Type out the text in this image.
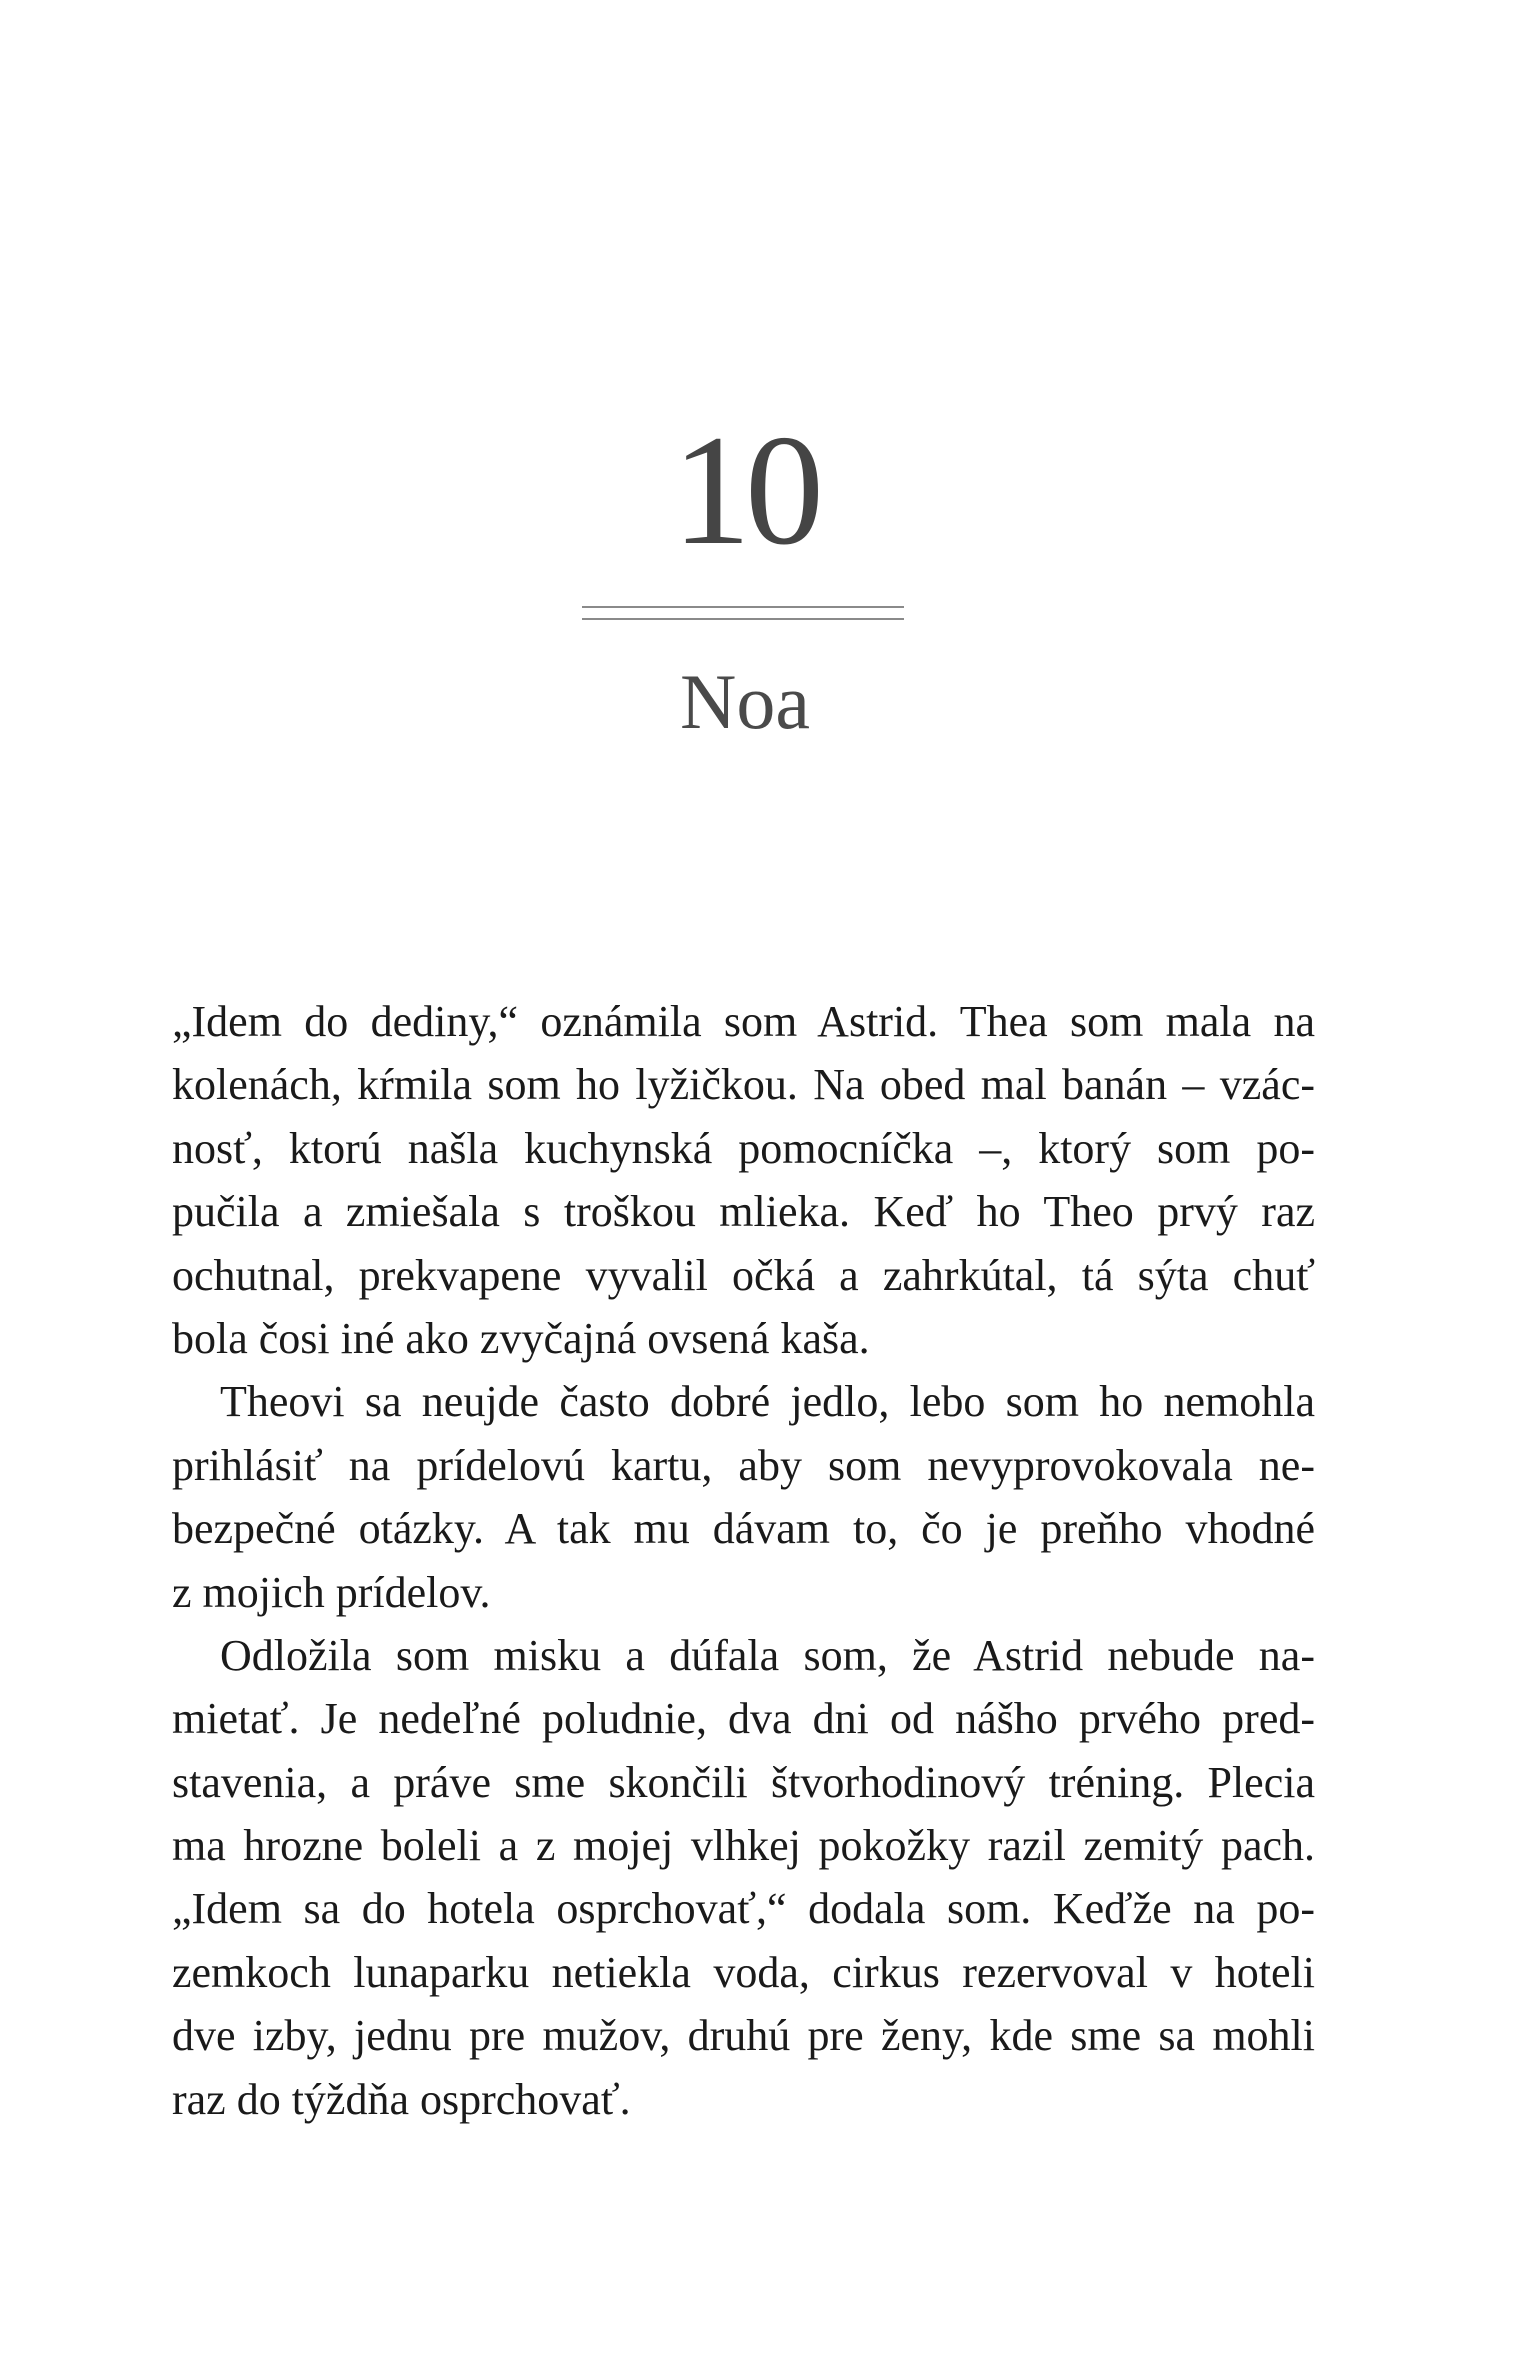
10
Noa
„Idem do dediny,“ oznámila som Astrid. Thea som mala na
kolenách, kŕmila som ho lyžičkou. Na obed mal banán – vzác-
nosť, ktorú našla kuchynská pomocníčka –, ktorý som po-
pučila a zmiešala s troškou mlieka. Keď ho Theo prvý raz
ochutnal, prekvapene vyvalil očká a zahrkútal, tá sýta chuť
bola čosi iné ako zvyčajná ovsená kaša.
Theovi sa neujde často dobré jedlo, lebo som ho nemohla
prihlásiť na prídelovú kartu, aby som nevyprovokovala ne-
bezpečné otázky. A tak mu dávam to, čo je preňho vhodné
z mojich prídelov.
Odložila som misku a dúfala som, že Astrid nebude na-
mietať. Je nedeľné poludnie, dva dni od nášho prvého pred-
stavenia, a práve sme skončili štvorhodinový tréning. Plecia
ma hrozne boleli a z mojej vlhkej pokožky razil zemitý pach.
„Idem sa do hotela osprchovať,“ dodala som. Keďže na po-
zemkoch lunaparku netiekla voda, cirkus rezervoval v hoteli
dve izby, jednu pre mužov, druhú pre ženy, kde sme sa mohli
raz do týždňa osprchovať.
